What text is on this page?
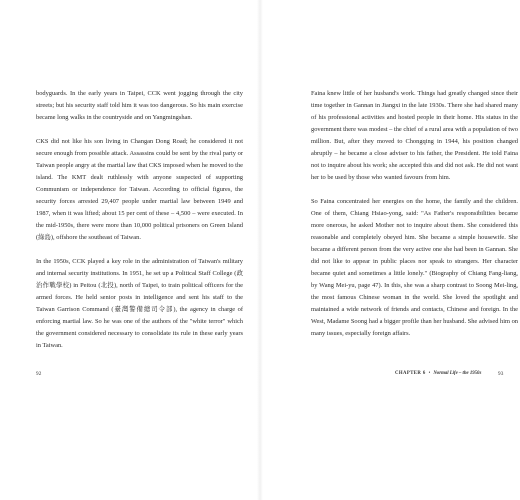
bodyguards. In the early years in Taipei, CCK went jogging through the city streets; but his security staff told him it was too dangerous. So his main exercise became long walks in the countryside and on Yangmingshan.

CKS did not like his son living in Changan Dong Road; he considered it not secure enough from possible attack. Assassins could be sent by the rival party or Taiwan people angry at the martial law that CKS imposed when he moved to the island. The KMT dealt ruthlessly with anyone suspected of supporting Communism or independence for Taiwan. According to official figures, the security forces arrested 29,407 people under martial law between 1949 and 1987, when it was lifted; about 15 per cent of these – 4,500 – were executed. In the mid-1950s, there were more than 10,000 political prisoners on Green Island (綠島), offshore the southeast of Taiwan.

In the 1950s, CCK played a key role in the administration of Taiwan's military and internal security institutions. In 1951, he set up a Political Staff College (政治作戰學校) in Peitou (北投), north of Taipei, to train political officers for the armed forces. He held senior posts in intelligence and sent his staff to the Taiwan Garrison Command (臺灣警備總司令部), the agency in charge of enforcing martial law. So he was one of the authors of the "white terror" which the government considered necessary to consolidate its rule in these early years in Taiwan.

92

Faina knew little of her husband's work. Things had greatly changed since their time together in Gannan in Jiangxi in the late 1930s. There she had shared many of his professional activities and hosted people in their home. His status in the government there was modest – the chief of a rural area with a population of two million. But, after they moved to Chongqing in 1944, his position changed abruptly – he became a close adviser to his father, the President. He told Faina not to inquire about his work; she accepted this and did not ask. He did not want her to be used by those who wanted favours from him.

So Faina concentrated her energies on the home, the family and the children. One of them, Chiang Hsiao-yong, said: "As Father's responsibilities became more onerous, he asked Mother not to inquire about them. She considered this reasonable and completely obeyed him. She became a simple housewife. She became a different person from the very active one she had been in Gannan. She did not like to appear in public places nor speak to strangers. Her character became quiet and sometimes a little lonely." (Biography of Chiang Fang-liang, by Wang Mei-yu, page 47). In this, she was a sharp contrast to Soong Mei-ling, the most famous Chinese woman in the world. She loved the spotlight and maintained a wide network of friends and contacts, Chinese and foreign. In the West, Madame Soong had a bigger profile than her husband. She advised him on many issues, especially foreign affairs.

CHAPTER 6 • Normal Life – the 1950s	93
